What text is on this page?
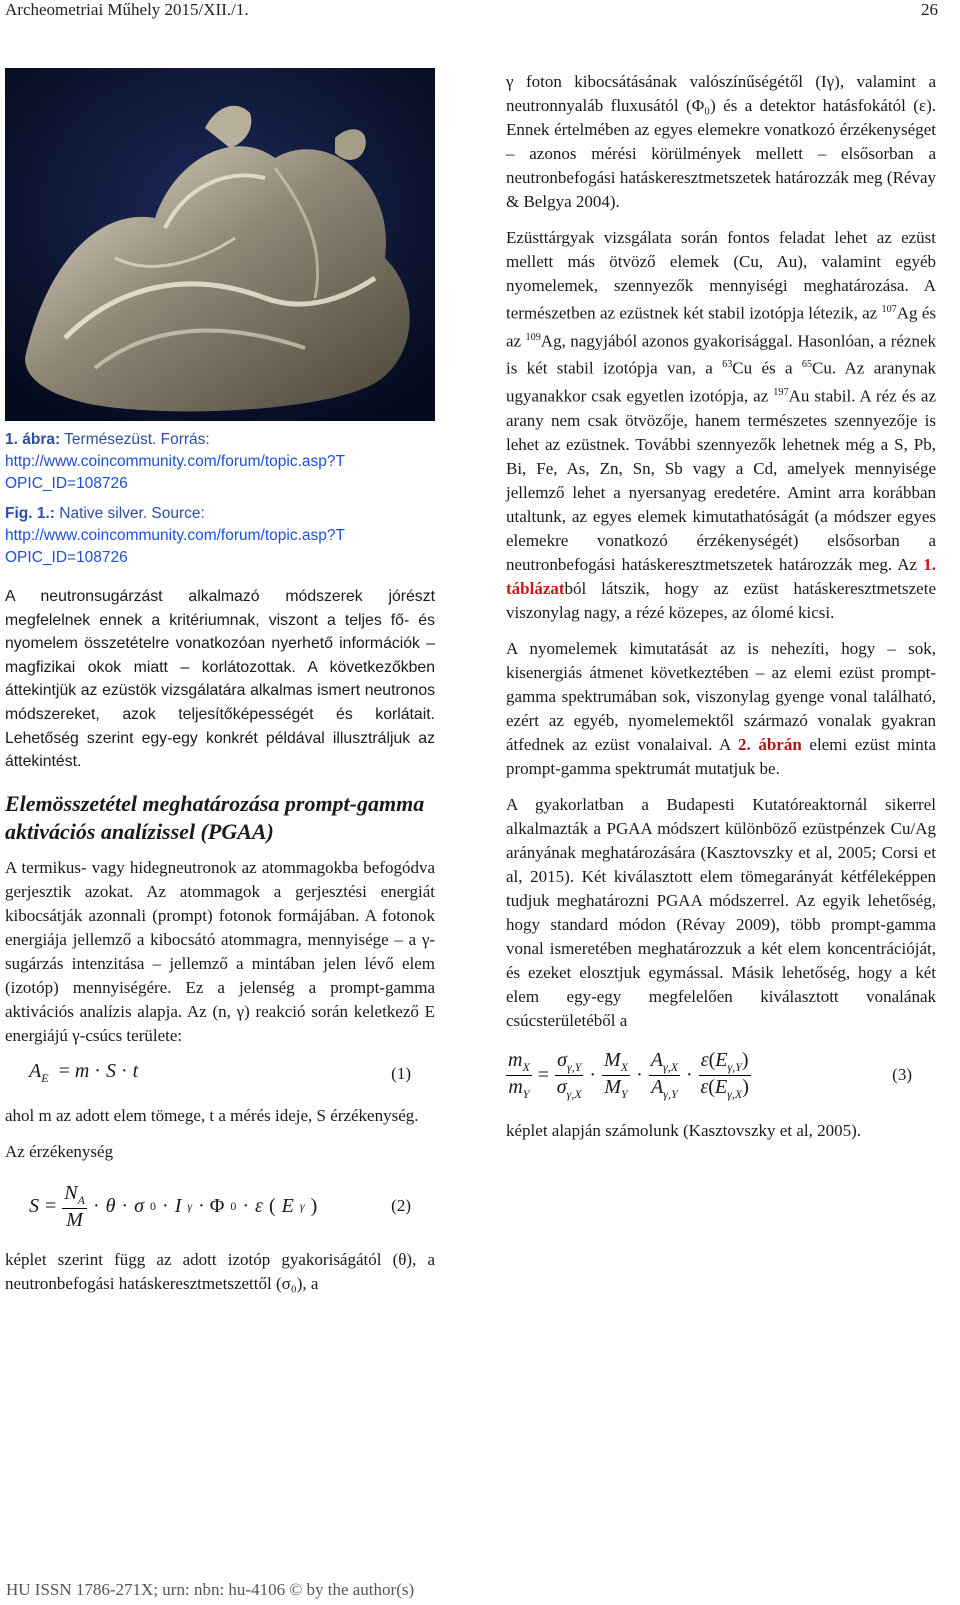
Archeometriai Műhely 2015/XII./1.	26
1. ábra: Termésezüst. Forrás:
http://www.coincommunity.com/forum/topic.asp?T
OPIC_ID=108726
Fig. 1.: Native silver. Source:
http://www.coincommunity.com/forum/topic.asp?T
OPIC_ID=108726

A neutronsugárzást alkalmazó módszerek jórészt megfelelnek ennek a kritériumnak, viszont a teljes fő- és nyomelem összetételre vonatkozóan nyerhető információk – magfizikai okok miatt – korlátozottak. A következőkben áttekintjük az ezüstök vizsgálatára alkalmas ismert neutronos módszereket, azok teljesítőképességét és korlátait. Lehetőség szerint egy-egy konkrét példával illusztráljuk az áttekintést.

Elemösszetétel meghatározása prompt-gamma aktivációs analízissel (PGAA)

A termikus- vagy hidegneutronok az atommagokba befogódva gerjesztik azokat. Az atommagok a gerjesztési energiát kibocsátják azonnali (prompt) fotonok formájában. A fotonok energiája jellemző a kibocsátó atommagra, mennyisége – a γ-sugárzás intenzitása – jellemző a mintában jelen lévő elem (izotóp) mennyiségére. Ez a jelenség a prompt-gamma aktivációs analízis alapja. Az (n, γ) reakció során keletkező E energiájú γ-csúcs területe:

$A_E = m \cdot S \cdot t$	(1)

ahol m az adott elem tömege, t a mérés ideje, S érzékenység.

Az érzékenység

$S = \frac{N_A}{M} \cdot \theta \cdot \sigma$ 0 · I γ · Φ 0 · ε ( E γ )	(2)

képlet szerint függ az adott izotóp gyakoriságától (θ), a neutronbefogási hatáskeresztmetszettől (σ₀), a

γ foton kibocsátásának valószínűségétől (Iγ), valamint a neutronnyaláb fluxusától (Φ₀) és a detektor hatásfokától (ε). Ennek értelmében az egyes elemekre vonatkozó érzékenységet – azonos mérési körülmények mellett – elsősorban a neutronbefogási hatáskeresztmetszetek határozzák meg (Révay & Belgya 2004).

Ezüsttárgyak vizsgálata során fontos feladat lehet az ezüst mellett más ötvöző elemek (Cu, Au), valamint egyéb nyomelemek, szennyezők mennyiségi meghatározása. A természetben az ezüstnek két stabil izotópja létezik, az $^{107}$Ag és az $^{109}$Ag, nagyjából azonos gyakorisággal. Hasonlóan, a réznek is két stabil izotópja van, a $^{63}$Cu és a $^{65}$Cu. Az aranynak ugyanakkor csak egyetlen izotópja, az $^{197}$Au stabil. A réz és az arany nem csak ötvözője, hanem természetes szennyezője is lehet az ezüstnek. További szennyezők lehetnek még a S, Pb, Bi, Fe, As, Zn, Sn, Sb vagy a Cd, amelyek mennyisége jellemző lehet a nyersanyag eredetére. Amint arra korábban utaltunk, az egyes elemek kimutathatóságát (a módszer egyes elemekre vonatkozó érzékenységét) elsősorban a neutronbefogási hatáskeresztmetszetek határozzák meg. Az 1. táblázatból látszik, hogy az ezüst hatáskeresztmetszete viszonylag nagy, a rézé közepes, az ólomé kicsi.

A nyomelemek kimutatását az is nehezíti, hogy – sok, kisenergiás átmenet következtében – az elemi ezüst prompt-gamma spektrumában sok, viszonylag gyenge vonal található, ezért az egyéb, nyomelemektől származó vonalak gyakran átfednek az ezüst vonalaival. A 2. ábrán elemi ezüst minta prompt-gamma spektrumát mutatjuk be.

A gyakorlatban a Budapesti Kutatóreaktornál sikerrel alkalmazták a PGAA módszert különböző ezüstpénzek Cu/Ag arányának meghatározására (Kasztovszky et al, 2005; Corsi et al, 2015). Két kiválasztott elem tömegarányát kétféleképpen tudjuk meghatározni PGAA módszerrel. Az egyik lehetőség, hogy standard módon (Révay 2009), több prompt-gamma vonal ismeretében meghatározzuk a két elem koncentrációját, és ezeket elosztjuk egymással. Másik lehetőség, hogy a két elem egy-egy megfelelően kiválasztott vonalának csúcsterületéből a

$\frac{m_X}{m_Y} = \frac{\sigma_{\gamma,Y}}{\sigma_{\gamma,X}} \cdot \frac{M_X}{M_Y} \cdot \frac{A_{\gamma,X}}{A_{\gamma,Y}} \cdot \frac{\varepsilon(E_{\gamma,Y})}{\varepsilon(E_{\gamma,X})}$	(3)

képlet alapján számolunk (Kasztovszky et al, 2005).

HU ISSN 1786-271X; urn: nbn: hu-4106 © by the author(s)
